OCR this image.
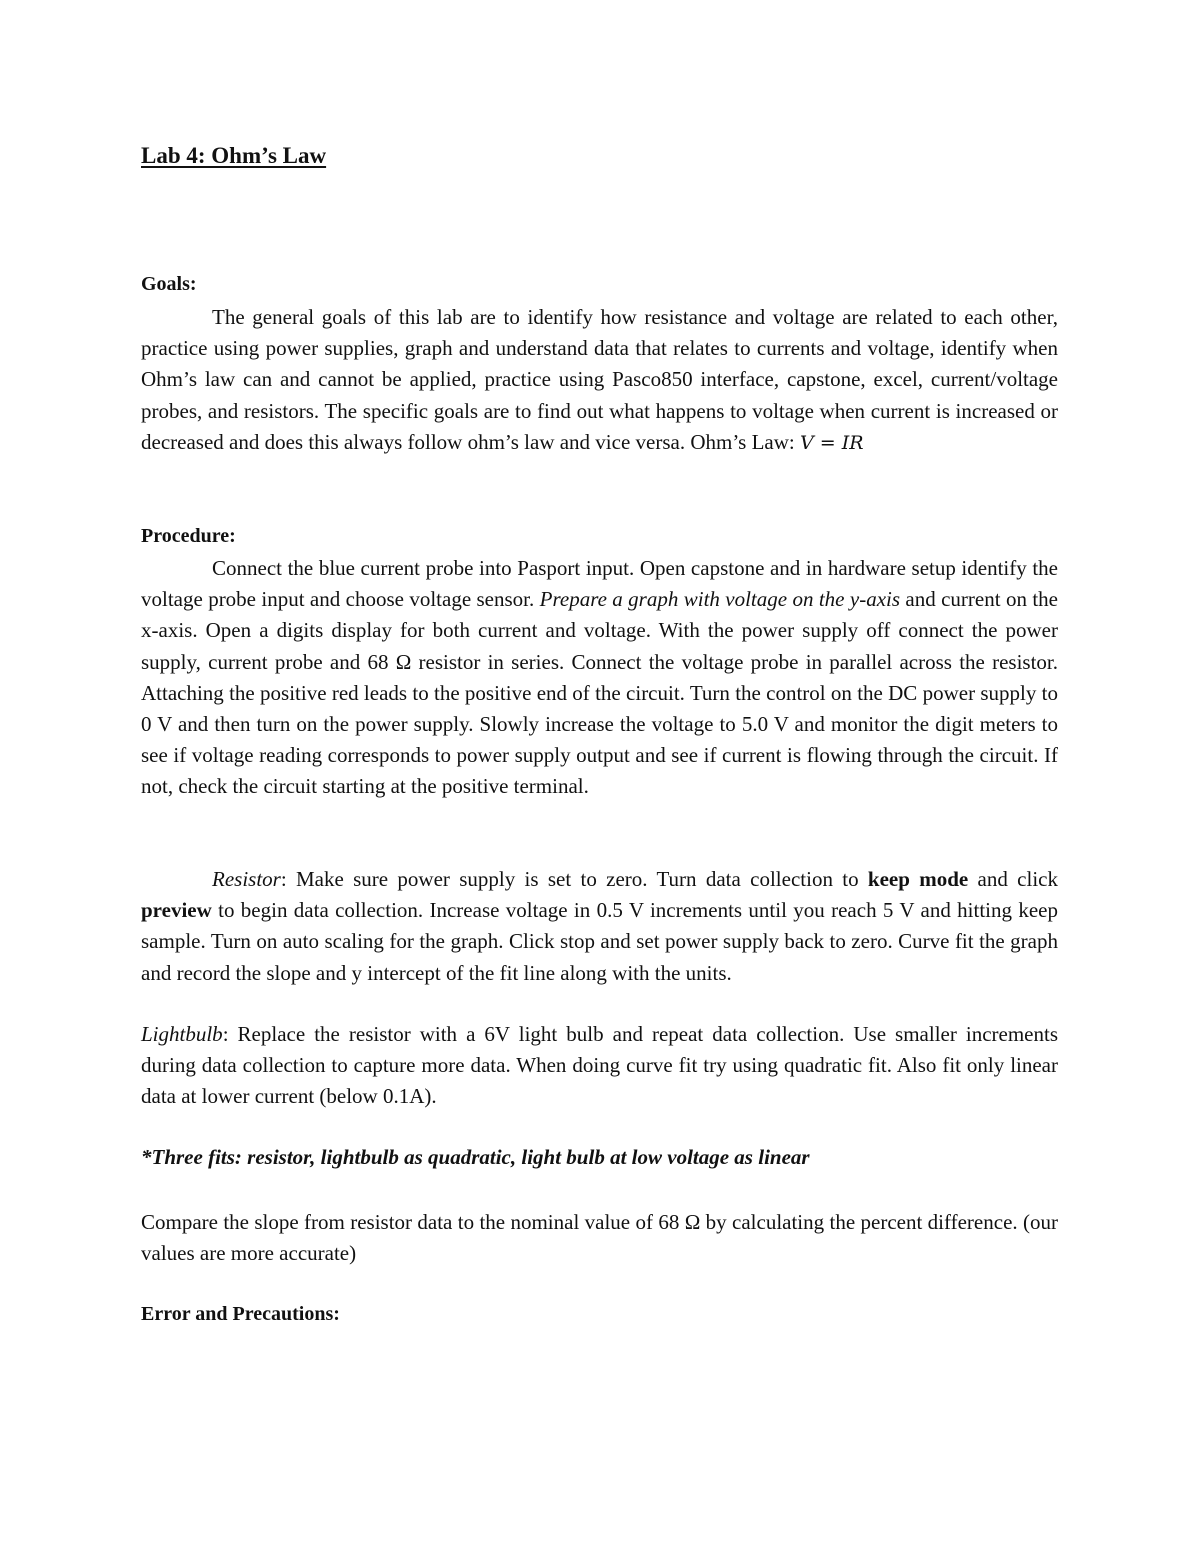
Lab 4: Ohm’s Law
Goals:

The general goals of this lab are to identify how resistance and voltage are related to each other, practice using power supplies, graph and understand data that relates to currents and voltage, identify when Ohm’s law can and cannot be applied, practice using Pasco850 interface, capstone, excel, current/voltage probes, and resistors. The specific goals are to find out what happens to voltage when current is increased or decreased and does this always follow ohm’s law and vice versa. Ohm’s Law: V = IR

Procedure:

Connect the blue current probe into Pasport input. Open capstone and in hardware setup identify the voltage probe input and choose voltage sensor. Prepare a graph with voltage on the y-axis and current on the x-axis. Open a digits display for both current and voltage. With the power supply off connect the power supply, current probe and 68 Ω resistor in series. Connect the voltage probe in parallel across the resistor. Attaching the positive red leads to the positive end of the circuit. Turn the control on the DC power supply to 0 V and then turn on the power supply. Slowly increase the voltage to 5.0 V and monitor the digit meters to see if voltage reading corresponds to power supply output and see if current is flowing through the circuit. If not, check the circuit starting at the positive terminal.

Resistor: Make sure power supply is set to zero. Turn data collection to keep mode and click preview to begin data collection. Increase voltage in 0.5 V increments until you reach 5 V and hitting keep sample. Turn on auto scaling for the graph. Click stop and set power supply back to zero. Curve fit the graph and record the slope and y intercept of the fit line along with the units.

Lightbulb: Replace the resistor with a 6V light bulb and repeat data collection. Use smaller increments during data collection to capture more data. When doing curve fit try using quadratic fit. Also fit only linear data at lower current (below 0.1A).

*Three fits: resistor, lightbulb as quadratic, light bulb at low voltage as linear

Compare the slope from resistor data to the nominal value of 68 Ω by calculating the percent difference. (our values are more accurate)

Error and Precautions:
